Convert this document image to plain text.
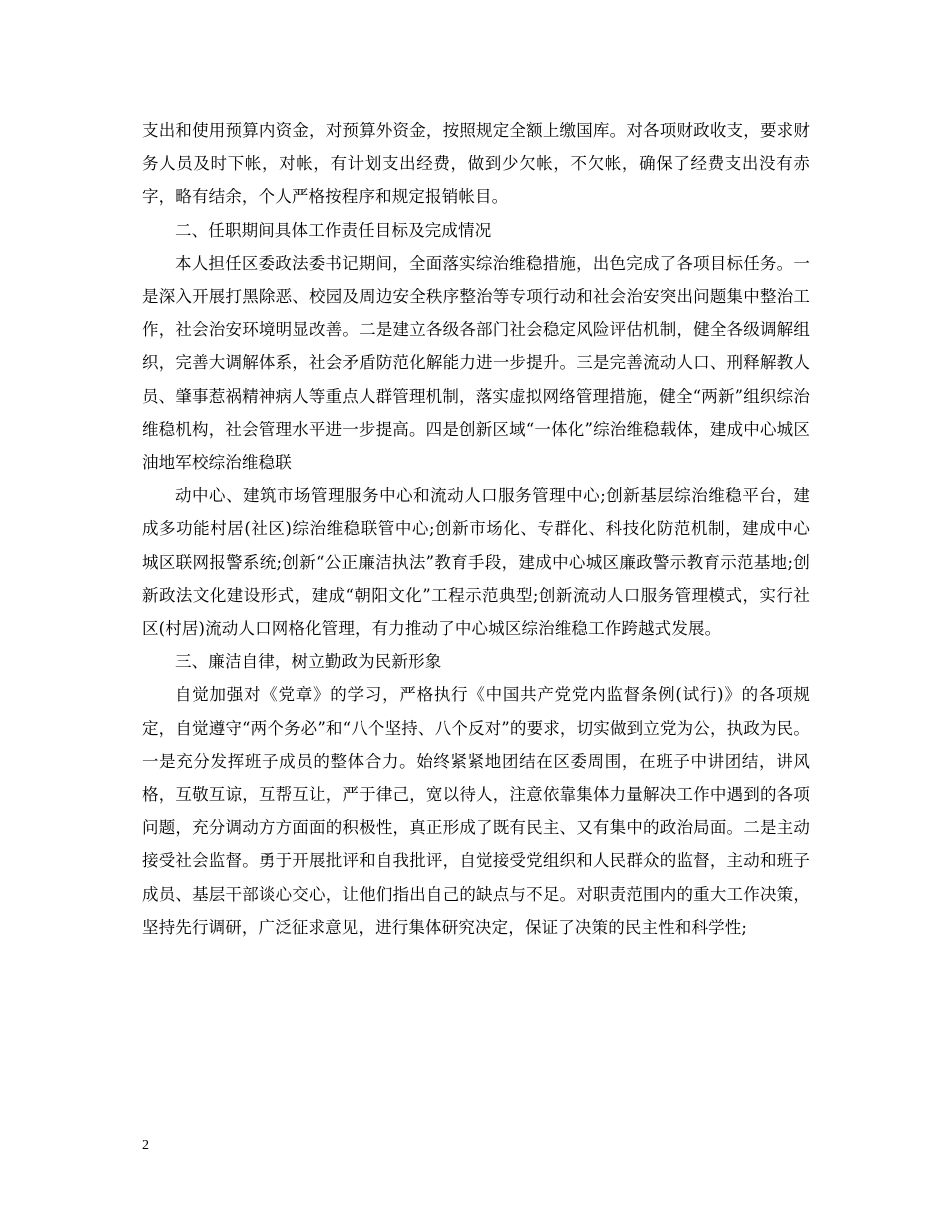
支出和使用预算内资金，对预算外资金，按照规定全额上缴国库。对各项财政收支，要求财务人员及时下帐，对帐，有计划支出经费，做到少欠帐，不欠帐，确保了经费支出没有赤字，略有结余，个人严格按程序和规定报销帐目。

二、任职期间具体工作责任目标及完成情况

本人担任区委政法委书记期间，全面落实综治维稳措施，出色完成了各项目标任务。一是深入开展打黑除恶、校园及周边安全秩序整治等专项行动和社会治安突出问题集中整治工作，社会治安环境明显改善。二是建立各级各部门社会稳定风险评估机制，健全各级调解组织，完善大调解体系，社会矛盾防范化解能力进一步提升。三是完善流动人口、刑释解教人员、肇事惹祸精神病人等重点人群管理机制，落实虚拟网络管理措施，健全“两新”组织综治维稳机构，社会管理水平进一步提高。四是创新区域“一体化”综治维稳载体，建成中心城区油地军校综治维稳联

动中心、建筑市场管理服务中心和流动人口服务管理中心;创新基层综治维稳平台，建成多功能村居(社区)综治维稳联管中心;创新市场化、专群化、科技化防范机制，建成中心城区联网报警系统;创新“公正廉洁执法”教育手段，建成中心城区廉政警示教育示范基地;创新政法文化建设形式，建成“朝阳文化”工程示范典型;创新流动人口服务管理模式，实行社区(村居)流动人口网格化管理，有力推动了中心城区综治维稳工作跨越式发展。

三、廉洁自律，树立勤政为民新形象

自觉加强对《党章》的学习，严格执行《中国共产党党内监督条例(试行)》的各项规定，自觉遵守“两个务必”和“八个坚持、八个反对”的要求，切实做到立党为公，执政为民。一是充分发挥班子成员的整体合力。始终紧紧地团结在区委周围，在班子中讲团结，讲风格，互敬互谅，互帮互让，严于律己，宽以待人，注意依靠集体力量解决工作中遇到的各项问题，充分调动方方面面的积极性，真正形成了既有民主、又有集中的政治局面。二是主动接受社会监督。勇于开展批评和自我批评，自觉接受党组织和人民群众的监督，主动和班子成员、基层干部谈心交心，让他们指出自己的缺点与不足。对职责范围内的重大工作决策，坚持先行调研，广泛征求意见，进行集体研究决定，保证了决策的民主性和科学性;

2
